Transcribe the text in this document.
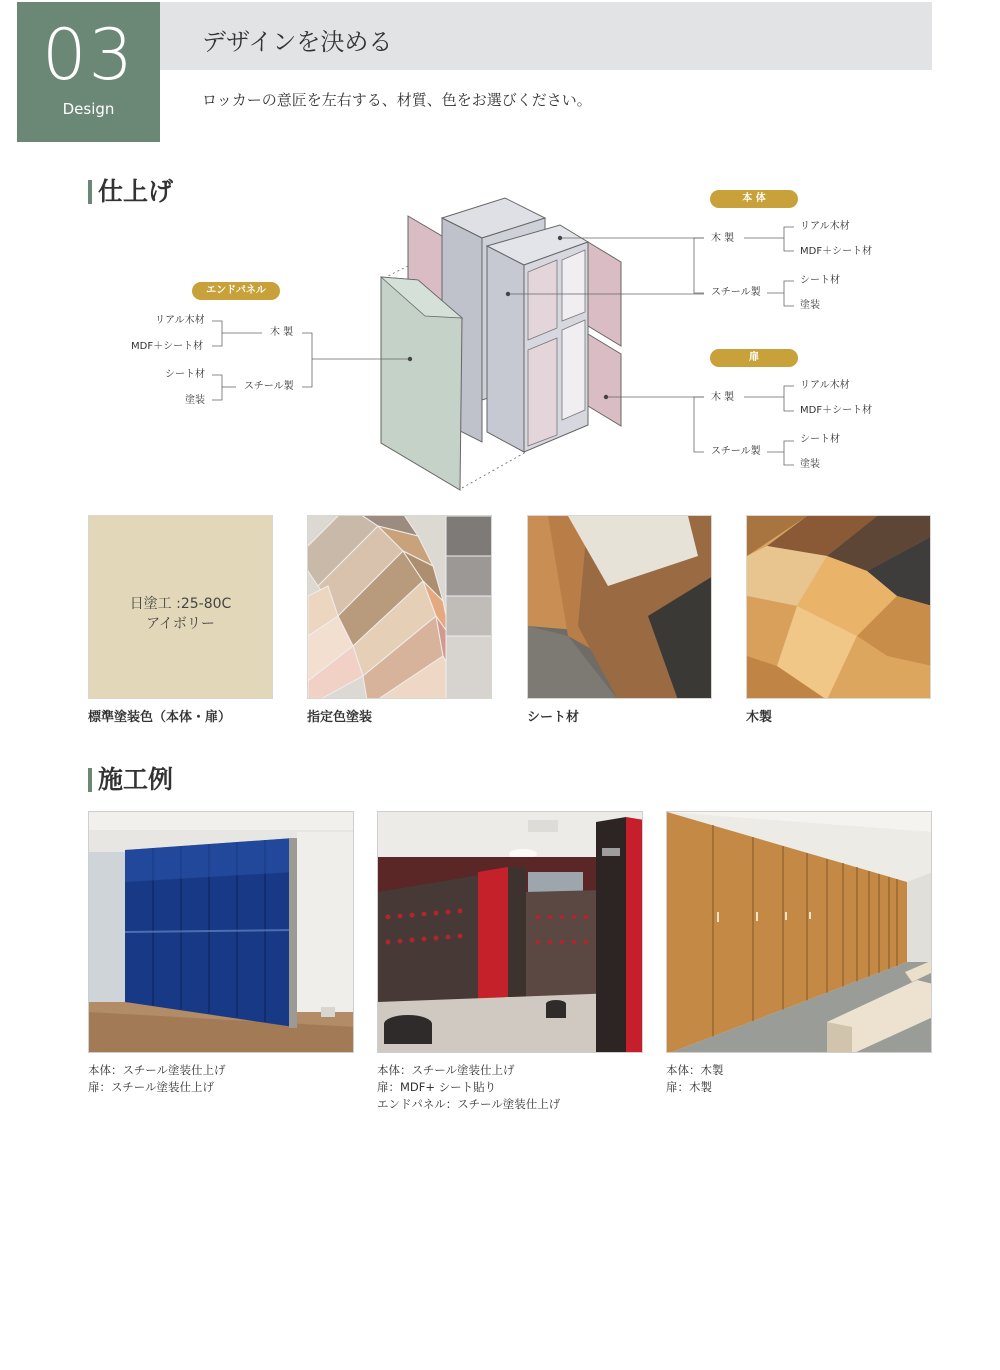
03
Design
デザインを決める
ロッカーの意匠を左右する、材質、色をお選びください。
仕上げ
エンドパネル
リアル木材
MDF＋シート材
木 製
シート材
塗装
スチール製
本 体
木 製
リアル木材
MDF＋シート材
スチール製
シート材
塗装
扉
木 製
リアル木材
MDF＋シート材
スチール製
シート材
塗装
日塗工 :25-80C
アイボリー
標準塗装色（本体・扉）	指定色塗装	シート材	木製
施工例
本体：スチール塗装仕上げ
扉：スチール塗装仕上げ
本体：スチール塗装仕上げ
扉：MDF+ シート貼り
エンドパネル：スチール塗装仕上げ
本体：木製
扉：木製
